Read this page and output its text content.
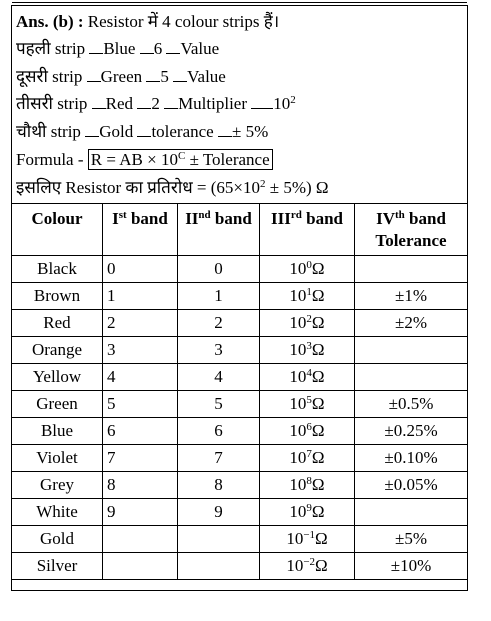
Ans. (b) : Resistor में 4 colour strips हैं।
पहली strip Blue 6 Value
दूसरी strip Green 5 Value
तीसरी strip Red 2 Multiplier $10^2$
चौथी strip Gold tolerance ± 5%
Formula - R = AB × $10^C$ ± Tolerance
इसलिए Resistor का प्रतिरोध = $(65\times 10^2 \pm 5\%)$ Ω
Colour	Ist band	IInd band	IIIrd band	IVth band
Tolerance
Black	0	0	$10^0\Omega$	
Brown	1	1	$10^1\Omega$	±1%
Red	2	2	$10^2\Omega$	±2%
Orange	3	3	$10^3\Omega$	
Yellow	4	4	$10^4\Omega$	
Green	5	5	$10^5\Omega$	±0.5%
Blue	6	6	$10^6\Omega$	±0.25%
Violet	7	7	$10^7\Omega$	±0.10%
Grey	8	8	$10^8\Omega$	±0.05%
White	9	9	$10^9\Omega$	
Gold			$10^{-1}\Omega$	±5%
Silver			$10^{-2}\Omega$	±10%
